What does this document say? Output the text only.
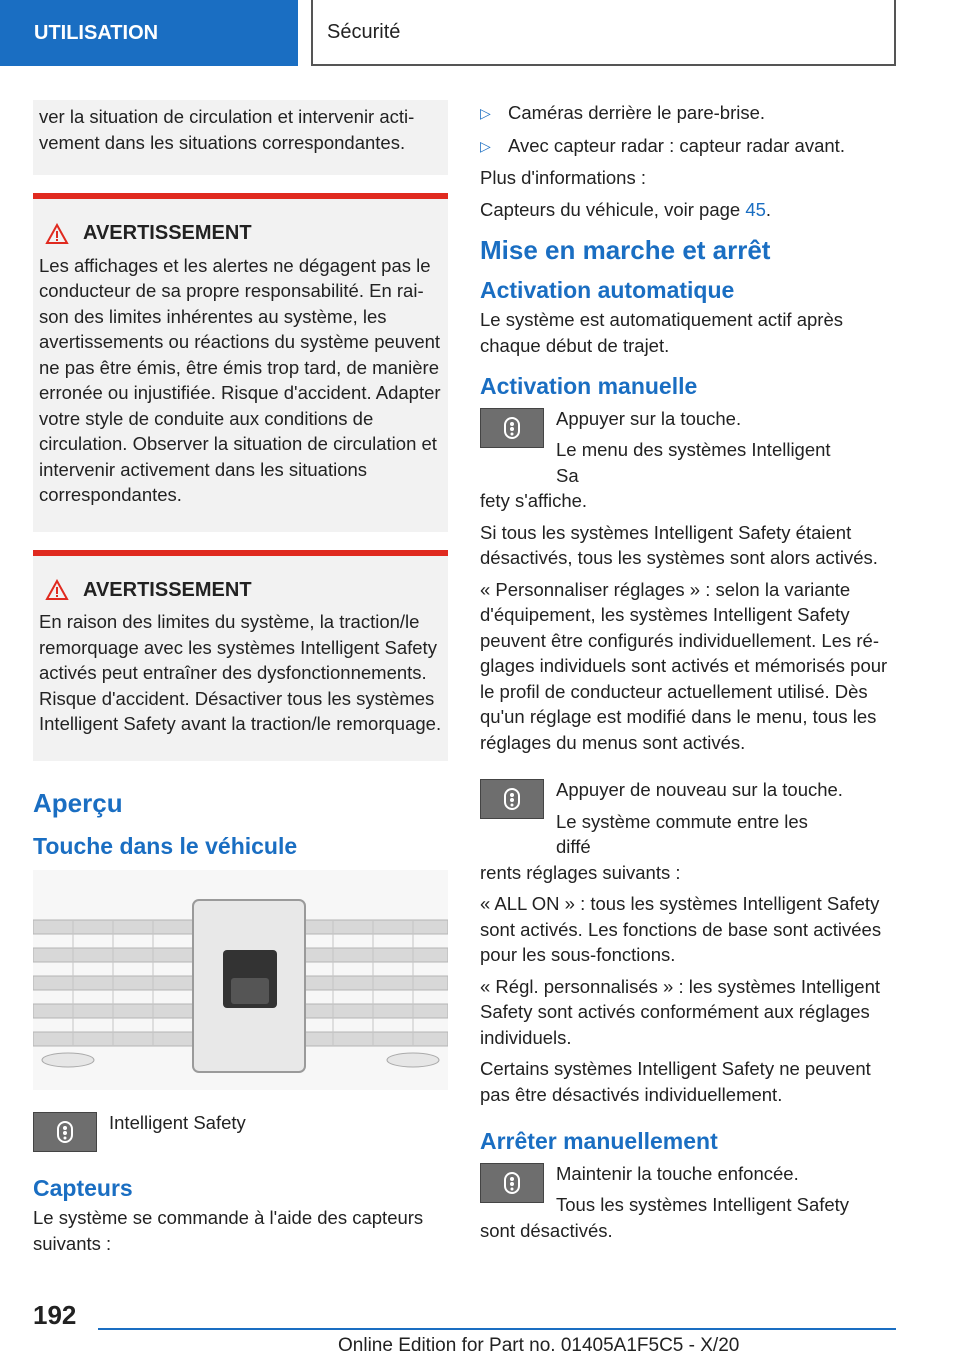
UTILISATION	Sécurité

ver la situation de circulation et intervenir activement dans les situations correspondantes.

AVERTISSEMENT

Les affichages et les alertes ne dégagent pas le conducteur de sa propre responsabilité. En raison des limites inhérentes au système, les avertissements ou réactions du système peuvent ne pas être émis, être émis trop tard, de manière erronée ou injustifiée. Risque d'accident. Adapter votre style de conduite aux conditions de circulation. Observer la situation de circulation et intervenir activement dans les situations correspondantes.

AVERTISSEMENT

En raison des limites du système, la traction/le remorquage avec les systèmes Intelligent Safety activés peut entraîner des dysfonctionnements. Risque d'accident. Désactiver tous les systèmes Intelligent Safety avant la traction/le remorquage.

Aperçu
Touche dans le véhicule

Intelligent Safety

Capteurs

Le système se commande à l'aide des capteurs suivants :

▷ Caméras derrière le pare-brise.
▷ Avec capteur radar : capteur radar avant.

Plus d'informations :

Capteurs du véhicule, voir page 45.

Mise en marche et arrêt
Activation automatique

Le système est automatiquement actif après chaque début de trajet.

Activation manuelle

Appuyer sur la touche.

Le menu des systèmes Intelligent Sa

fety s'affiche.

Si tous les systèmes Intelligent Safety étaient désactivés, tous les systèmes sont alors activés.

« Personnaliser réglages » : selon la variante d'équipement, les systèmes Intelligent Safety peuvent être configurés individuellement. Les réglages individuels sont activés et mémorisés pour le profil de conducteur actuellement utilisé. Dès qu'un réglage est modifié dans le menu, tous les réglages du menus sont activés.

Appuyer de nouveau sur la touche.

Le système commute entre les diffé

rents réglages suivants :

« ALL ON » : tous les systèmes Intelligent Safety sont activés. Les fonctions de base sont activées pour les sous-fonctions.

« Régl. personnalisés » : les systèmes Intelligent Safety sont activés conformément aux réglages individuels.

Certains systèmes Intelligent Safety ne peuvent pas être désactivés individuellement.

Arrêter manuellement

Maintenir la touche enfoncée.

Tous les systèmes Intelligent Safety

sont désactivés.

192
Online Edition for Part no. 01405A1F5C5 - X/20
